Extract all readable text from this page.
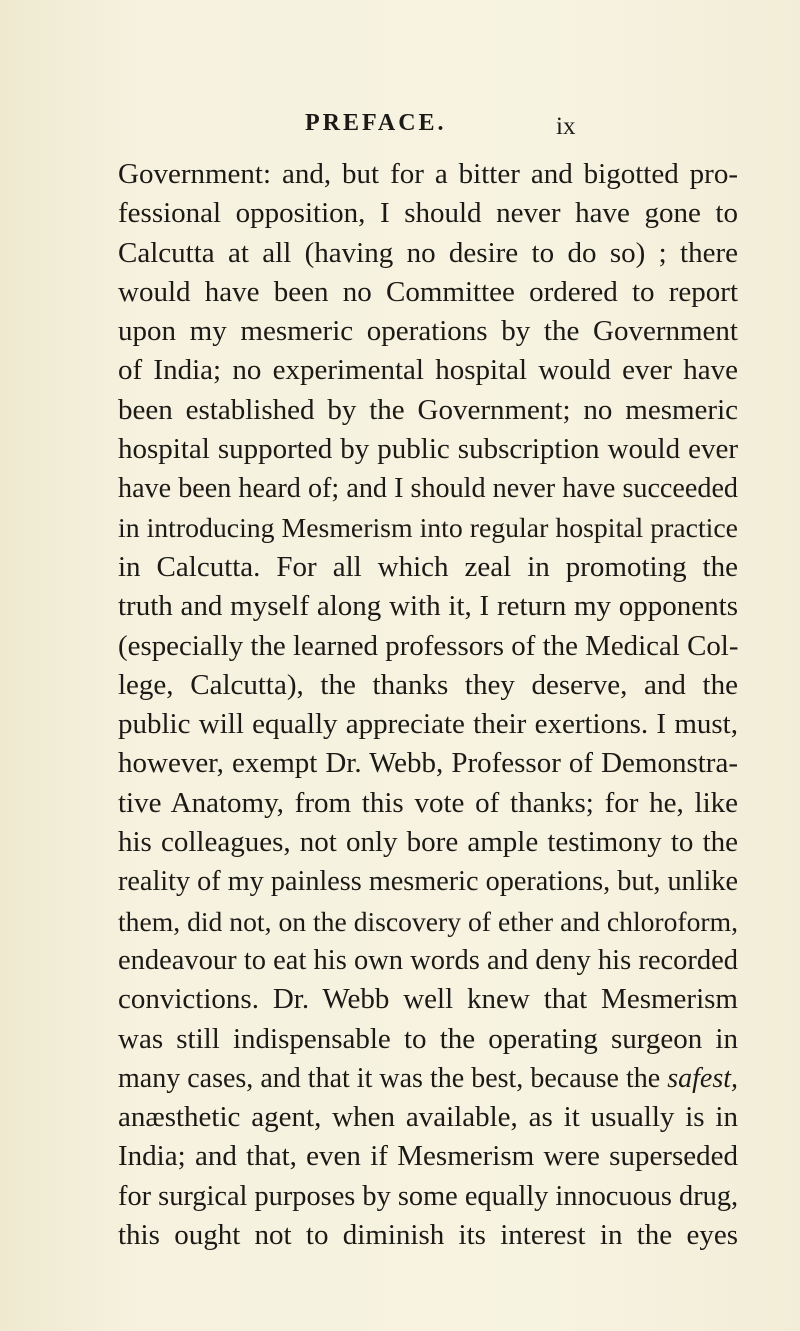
PREFACE.	ix
Government: and, but for a bitter and bigotted pro-
fessional opposition, I should never have gone to
Calcutta at all (having no desire to do so) ; there
would have been no Committee ordered to report
upon my mesmeric operations by the Government
of India; no experimental hospital would ever have
been established by the Government; no mesmeric
hospital supported by public subscription would ever
have been heard of; and I should never have succeeded
in introducing Mesmerism into regular hospital practice
in Calcutta. For all which zeal in promoting the
truth and myself along with it, I return my opponents
(especially the learned professors of the Medical Col-
lege, Calcutta), the thanks they deserve, and the
public will equally appreciate their exertions. I must,
however, exempt Dr. Webb, Professor of Demonstra-
tive Anatomy, from this vote of thanks; for he, like
his colleagues, not only bore ample testimony to the
reality of my painless mesmeric operations, but, unlike
them, did not, on the discovery of ether and chloroform,
endeavour to eat his own words and deny his recorded
convictions. Dr. Webb well knew that Mesmerism
was still indispensable to the operating surgeon in
many cases, and that it was the best, because the safest,
anæsthetic agent, when available, as it usually is in
India; and that, even if Mesmerism were superseded
for surgical purposes by some equally innocuous drug,
this ought not to diminish its interest in the eyes
